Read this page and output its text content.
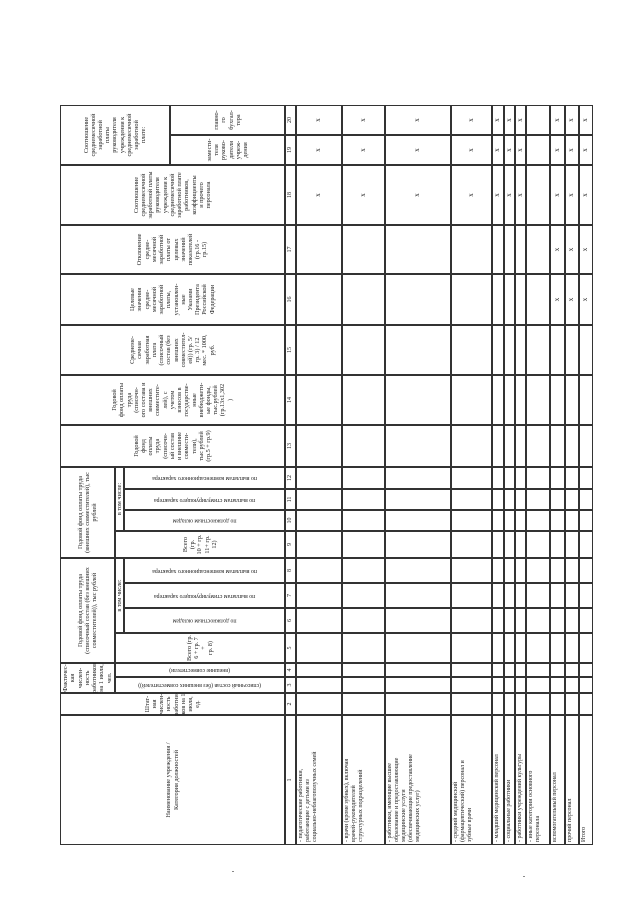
Наименование учреждения /
Категория должностей
Штат-
ная
числен-
ность
работни-
ков на 1
июля,
ед.
Фактичес-
кая числен-
ность
работников
на 1 июля,
чел.
(списочный состав (без внешних совместителей))
(внешние совместители)
Годовой фонд оплаты труда
(списочный состав (без внешних
совместителей)), тыс рублей
Всего (гр.
6 + гр. 7 +
гр. 8)
в том числе:
по должностным окладам
по выплатам стимулирующего характера
по выплатам компенсационного характера
Годовой фонд оплаты труда
(внешних совместителей), тыс рублей
Всего (гр.
10 + гр.
11+ гр. 12)
в том числе:
по должностным окладам
по выплатам стимулирующего характера
по выплатам компенсационного характера
Годовой
фонд
оплаты
труда
(списочн-
ый состав
и внешние
совмести-
тели),
тыс рублей
(гр.5 + гр.9)
Годовой
фонд оплаты
труда
(списочн-
ого состава и
внешних
совместите-
лей), с
учетом
взносов в
государстве-
нные
внебюджетн-
ые фонды,
тыс.рублей
(гр.13х1,302
)
Среднеме-
сячная
заработная
плата
(списочный
состав (без
внешних
совместител-
ей)) (гр. 5/
гр. 3) / 12
мес. * 1000,
руб.
Целевые
значения
средне-
месячной
заработной
платы,
установлен-
ные
Указами
Президента
Российской
Федерации
Отклонение
средне-
месячной
заработной
платы от
целевых
значений
показателей
(гр.16 -
гр.15)
Соотношение
среднемесячной
заработной платы
руководителя
учреждения к
среднемесячной
заработной плате
работников,
коэффициенты
и прочего
персонала
Соотношение
среднемесячной
заработной
платы
руководителя
учреждения к
среднемесячной
заработной
плате:
замести-
теля
руково-
дителя
учреж-
дения
главно-
го
бухгал-
тера
1
2
3
4
5
6
7
8
9
10
11
12
13
14
15
16
17
18
19
20
- педагогические работники,
работающие с детьми из
социально-неблагополучных семей
x
x
x
- врачи (кроме зубных), включая
врачей-руководителей
структурных подразделений
x
x
x
- работники, имеющие высшее
образование и предоставляющие
медицинские услуги
(обеспечивающие предоставление
медицинских услуг)
x
x
x
- средний медицинский
(фармацевтический) персонал и
зубные врачи
x
x
x
- младший медицинский персонал
x
x
x
- социальные работники
x
x
x
- работники учреждений культуры
x
x
x
- иные категории основного
персонала	вспомогательный персонал
x
x
x
x
x
прочий персонал
x
x
x
x
x
Итого
x
x
x
x
x
